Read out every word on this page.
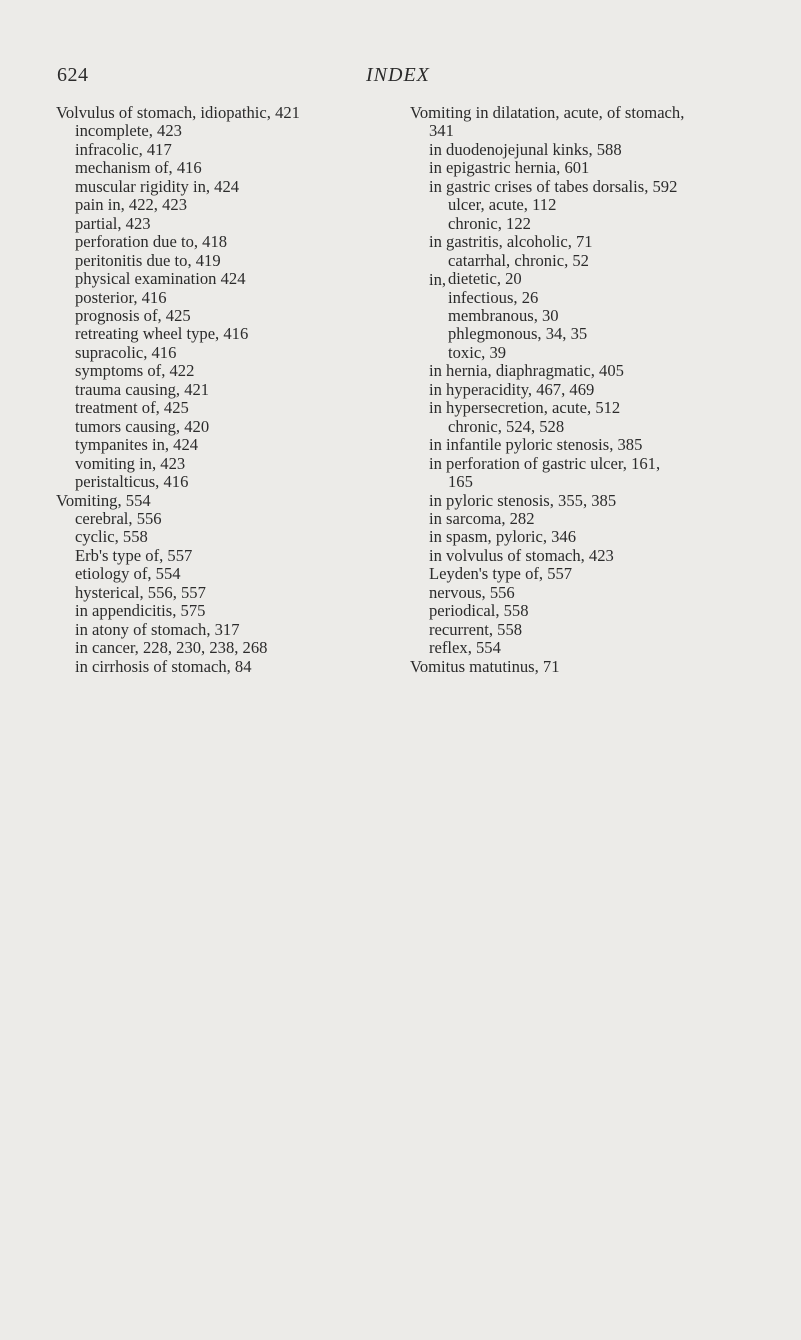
624	INDEX
Volvulus of stomach, idiopathic, 421
incomplete, 423
infracolic, 417
mechanism of, 416
muscular rigidity in, 424
pain in, 422, 423
partial, 423
perforation due to, 418
peritonitis due to, 419
physical examination 424
posterior, 416
prognosis of, 425
retreating wheel type, 416
supracolic, 416
symptoms of, 422
trauma causing, 421
treatment of, 425
tumors causing, 420
tympanites in, 424
vomiting in, 423
peristalticus, 416
Vomiting, 554
cerebral, 556
cyclic, 558
Erb's type of, 557
etiology of, 554
hysterical, 556, 557
in appendicitis, 575
in atony of stomach, 317
in cancer, 228, 230, 238, 268
in cirrhosis of stomach, 84
in,
Vomiting in dilatation, acute, of stomach,
341
in duodenojejunal kinks, 588
in epigastric hernia, 601
in gastric crises of tabes dorsalis, 592
ulcer, acute, 112
chronic, 122
in gastritis, alcoholic, 71
catarrhal, chronic, 52
dietetic, 20
infectious, 26
membranous, 30
phlegmonous, 34, 35
toxic, 39
in hernia, diaphragmatic, 405
in hyperacidity, 467, 469
in hypersecretion, acute, 512
chronic, 524, 528
in infantile pyloric stenosis, 385
in perforation of gastric ulcer, 161,
165
in pyloric stenosis, 355, 385
in sarcoma, 282
in spasm, pyloric, 346
in volvulus of stomach, 423
Leyden's type of, 557
nervous, 556
periodical, 558
recurrent, 558
reflex, 554
Vomitus matutinus, 71
